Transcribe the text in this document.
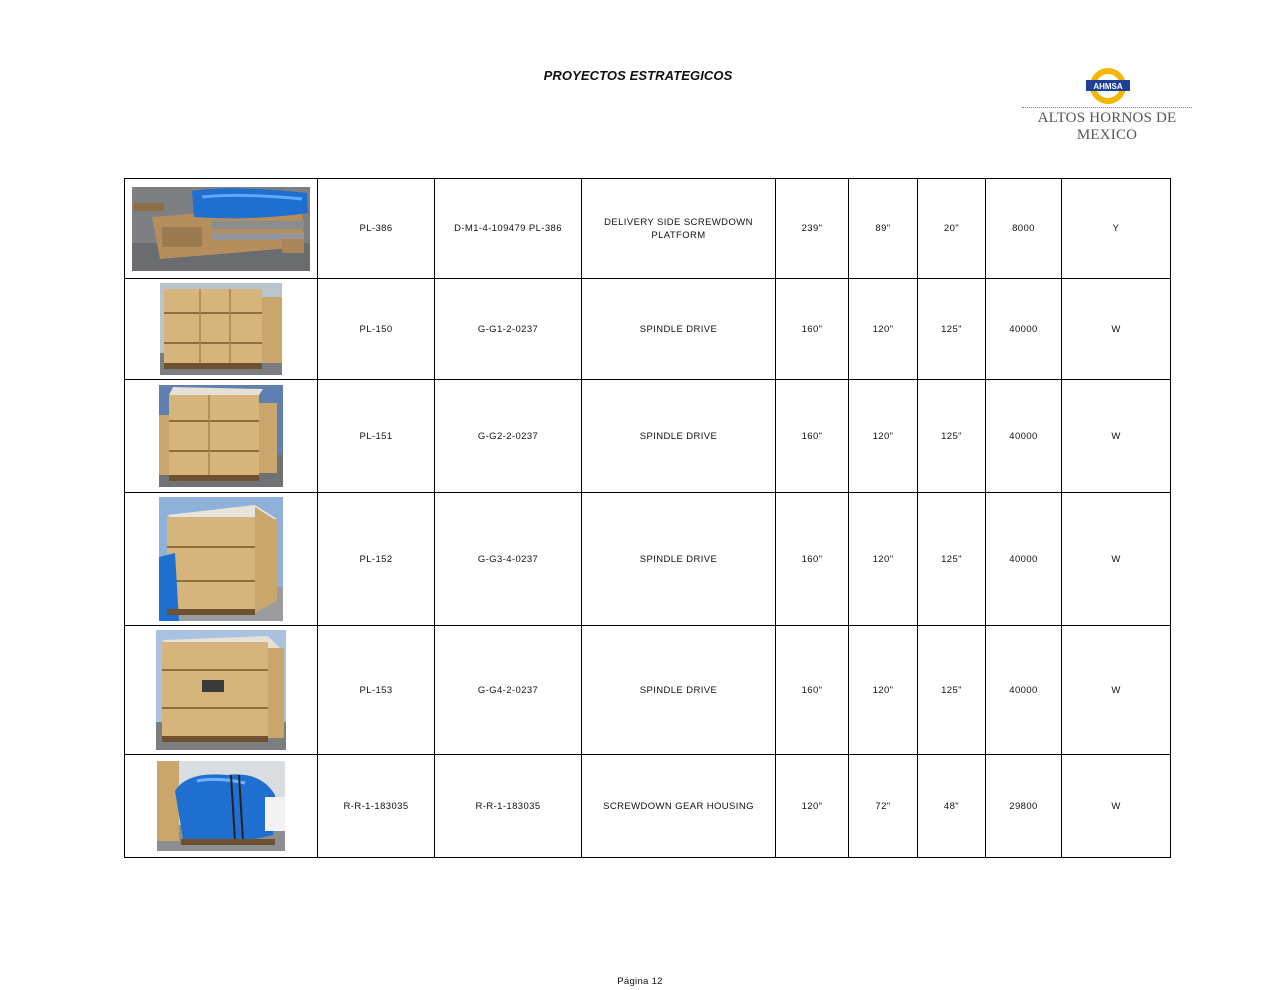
PROYECTOS ESTRATEGICOS
AHMSA
ALTOS HORNOS DE MEXICO
	PL-386	D-M1-4-109479 PL-386	DELIVERY SIDE SCREWDOWN PLATFORM	239"	89"	20"	8000	Y
	PL-150	G-G1-2-0237	SPINDLE DRIVE	160"	120"	125"	40000	W
	PL-151	G-G2-2-0237	SPINDLE DRIVE	160"	120"	125"	40000	W
	PL-152	G-G3-4-0237	SPINDLE DRIVE	160"	120"	125"	40000	W
	PL-153	G-G4-2-0237	SPINDLE DRIVE	160"	120"	125"	40000	W
	R-R-1-183035	R-R-1-183035	SCREWDOWN GEAR HOUSING	120"	72"	48"	29800	W
Página 12
